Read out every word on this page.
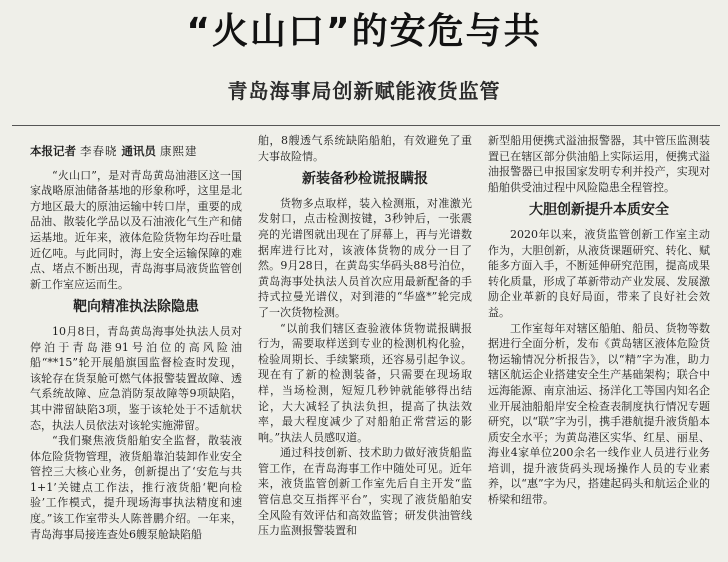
“火山口”的安危与共
青岛海事局创新赋能液货监管
本报记者 李春晓 通讯员 康熙建

“火山口”，是对青岛黄岛油港区这一国家战略原油储备基地的形象称呼，这里是北方地区最大的原油运输中转口岸，重要的成品油、散装化学品以及石油液化气生产和储运基地。近年来，液体危险货物年均吞吐量近亿吨。与此同时，海上安全运输保障的难点、堵点不断出现，青岛海事局液货监管创新工作室应运而生。

靶向精准执法除隐患

10月8日，青岛黄岛海事处执法人员对停泊于青岛港91号泊位的高风险油船“**15”轮开展船旗国监督检查时发现，该轮存在货泵舱可燃气体报警装置故障、透气系统故障、应急消防泵故障等9项缺陷，其中滞留缺陷3项，鉴于该轮处于不适航状态，执法人员依法对该轮实施滞留。

“我们聚焦液货船舶安全监督，散装液体危险货物管理，液货船靠泊装卸作业安全管控三大核心业务，创新提出了‘安危与共1+1’关键点工作法，推行液货船‘靶向检验’工作模式，提升现场海事执法精度和速度。”该工作室带头人陈普鹏介绍。一年来，青岛海事局接连查处6艘泵舱缺陷船

舶，8艘透气系统缺陷船舶，有效避免了重大事故险情。

新装备秒检谎报瞒报

货物多点取样，装入检测瓶，对准激光发射口，点击检测按键，3秒钟后，一张震亮的光谱图就出现在了屏幕上，再与光谱数据库进行比对，该液体货物的成分一目了然。9月28日，在黄岛实华码头88号泊位，黄岛海事处执法人员首次应用最新配备的手持式拉曼光谱仪，对到港的“华盛*”轮完成了一次货物检测。

“以前我们辖区查验液体货物谎报瞒报行为，需要取样送到专业的检测机构化验，检验周期长、手续繁琐，还容易引起争议。现在有了新的检测装备，只需要在现场取样，当场检测，短短几秒钟就能够得出结论，大大减轻了执法负担，提高了执法效率，最大程度减少了对船舶正常营运的影响。”执法人员感叹道。

通过科技创新、技术助力做好液货船监管工作，在青岛海事工作中随处可见。近年来，液货监管创新工作室先后自主开发“监管信息交互指挥平台”，实现了液货船舶安全风险有效评估和高效监管；研发供油管线压力监测报警装置和

新型船用便携式溢油报警器，其中管压监测装置已在辖区部分供油船上实际运用，便携式溢油报警器已申报国家发明专利并投产，实现对船舶供受油过程中风险隐患全程管控。

大胆创新提升本质安全

2020年以来，液货监管创新工作室主动作为，大胆创新，从液货课题研究、转化、赋能多方面入手，不断延伸研究范围，提高成果转化质量，形成了革新带动产业发展、发展激励企业革新的良好局面，带来了良好社会效益。

工作室每年对辖区船舶、船员、货物等数据进行全面分析，发布《黄岛辖区液体危险货物运输情况分析报告》，以“精”字为准，助力辖区航运企业搭建安全生产基础架构；联合中远海能源、南京油运、扬洋化工等国内知名企业开展油船船岸安全检查表制度执行情况专题研究，以“联”字为引，携手港航提升液货船本质安全水平；为黄岛港区实华、红星、丽星、海业4家单位200余名一线作业人员进行业务培训，提升液货码头现场操作人员的专业素养，以“惠”字为尺，搭建起码头和航运企业的桥梁和纽带。
